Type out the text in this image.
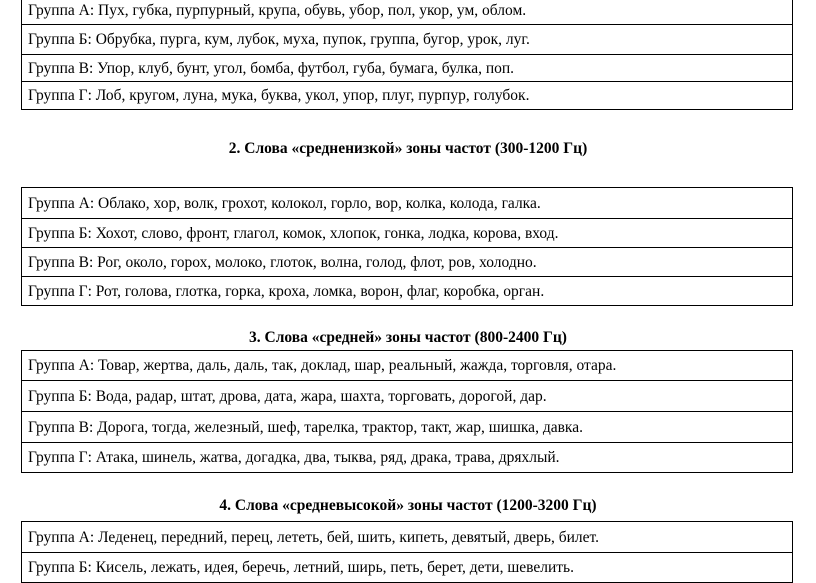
Группа А: Пух, губка, пурпурный, крупа, обувь, убор, пол, укор, ум, облом.
Группа Б: Обрубка, пурга, кум, лубок, муха, пупок, группа, бугор, урок, луг.
Группа В: Упор, клуб, бунт, угол, бомба, футбол, губа, бумага, булка, поп.
Группа Г: Лоб, кругом, луна, мука, буква, укол, упор, плуг, пурпур, голубок.
2. Слова «средненизкой» зоны частот (300-1200 Гц)
Группа А: Облако, хор, волк, грохот, колокол, горло, вор, колка, колода, галка.
Группа Б: Хохот, слово, фронт, глагол, комок, хлопок, гонка, лодка, корова, вход.
Группа В: Рог, около, горох, молоко, глоток, волна, голод, флот, ров, холодно.
Группа Г: Рот, голова, глотка, горка, кроха, ломка, ворон, флаг, коробка, орган.
3. Слова «средней» зоны частот (800-2400 Гц)
Группа А: Товар, жертва, даль, даль, так, доклад, шар, реальный, жажда, торговля, отара.
Группа Б: Вода, радар, штат, дрова, дата, жара, шахта, торговать, дорогой, дар.
Группа В: Дорога, тогда, железный, шеф, тарелка, трактор, такт, жар, шишка, давка.
Группа Г: Атака, шинель, жатва, догадка, два, тыква, ряд, драка, трава, дряхлый.
4. Слова «средневысокой» зоны частот (1200-3200 Гц)
Группа А: Леденец, передний, перец, лететь, бей, шить, кипеть, девятый, дверь, билет.
Группа Б: Кисель, лежать, идея, беречь, летний, ширь, петь, берет, дети, шевелить.
